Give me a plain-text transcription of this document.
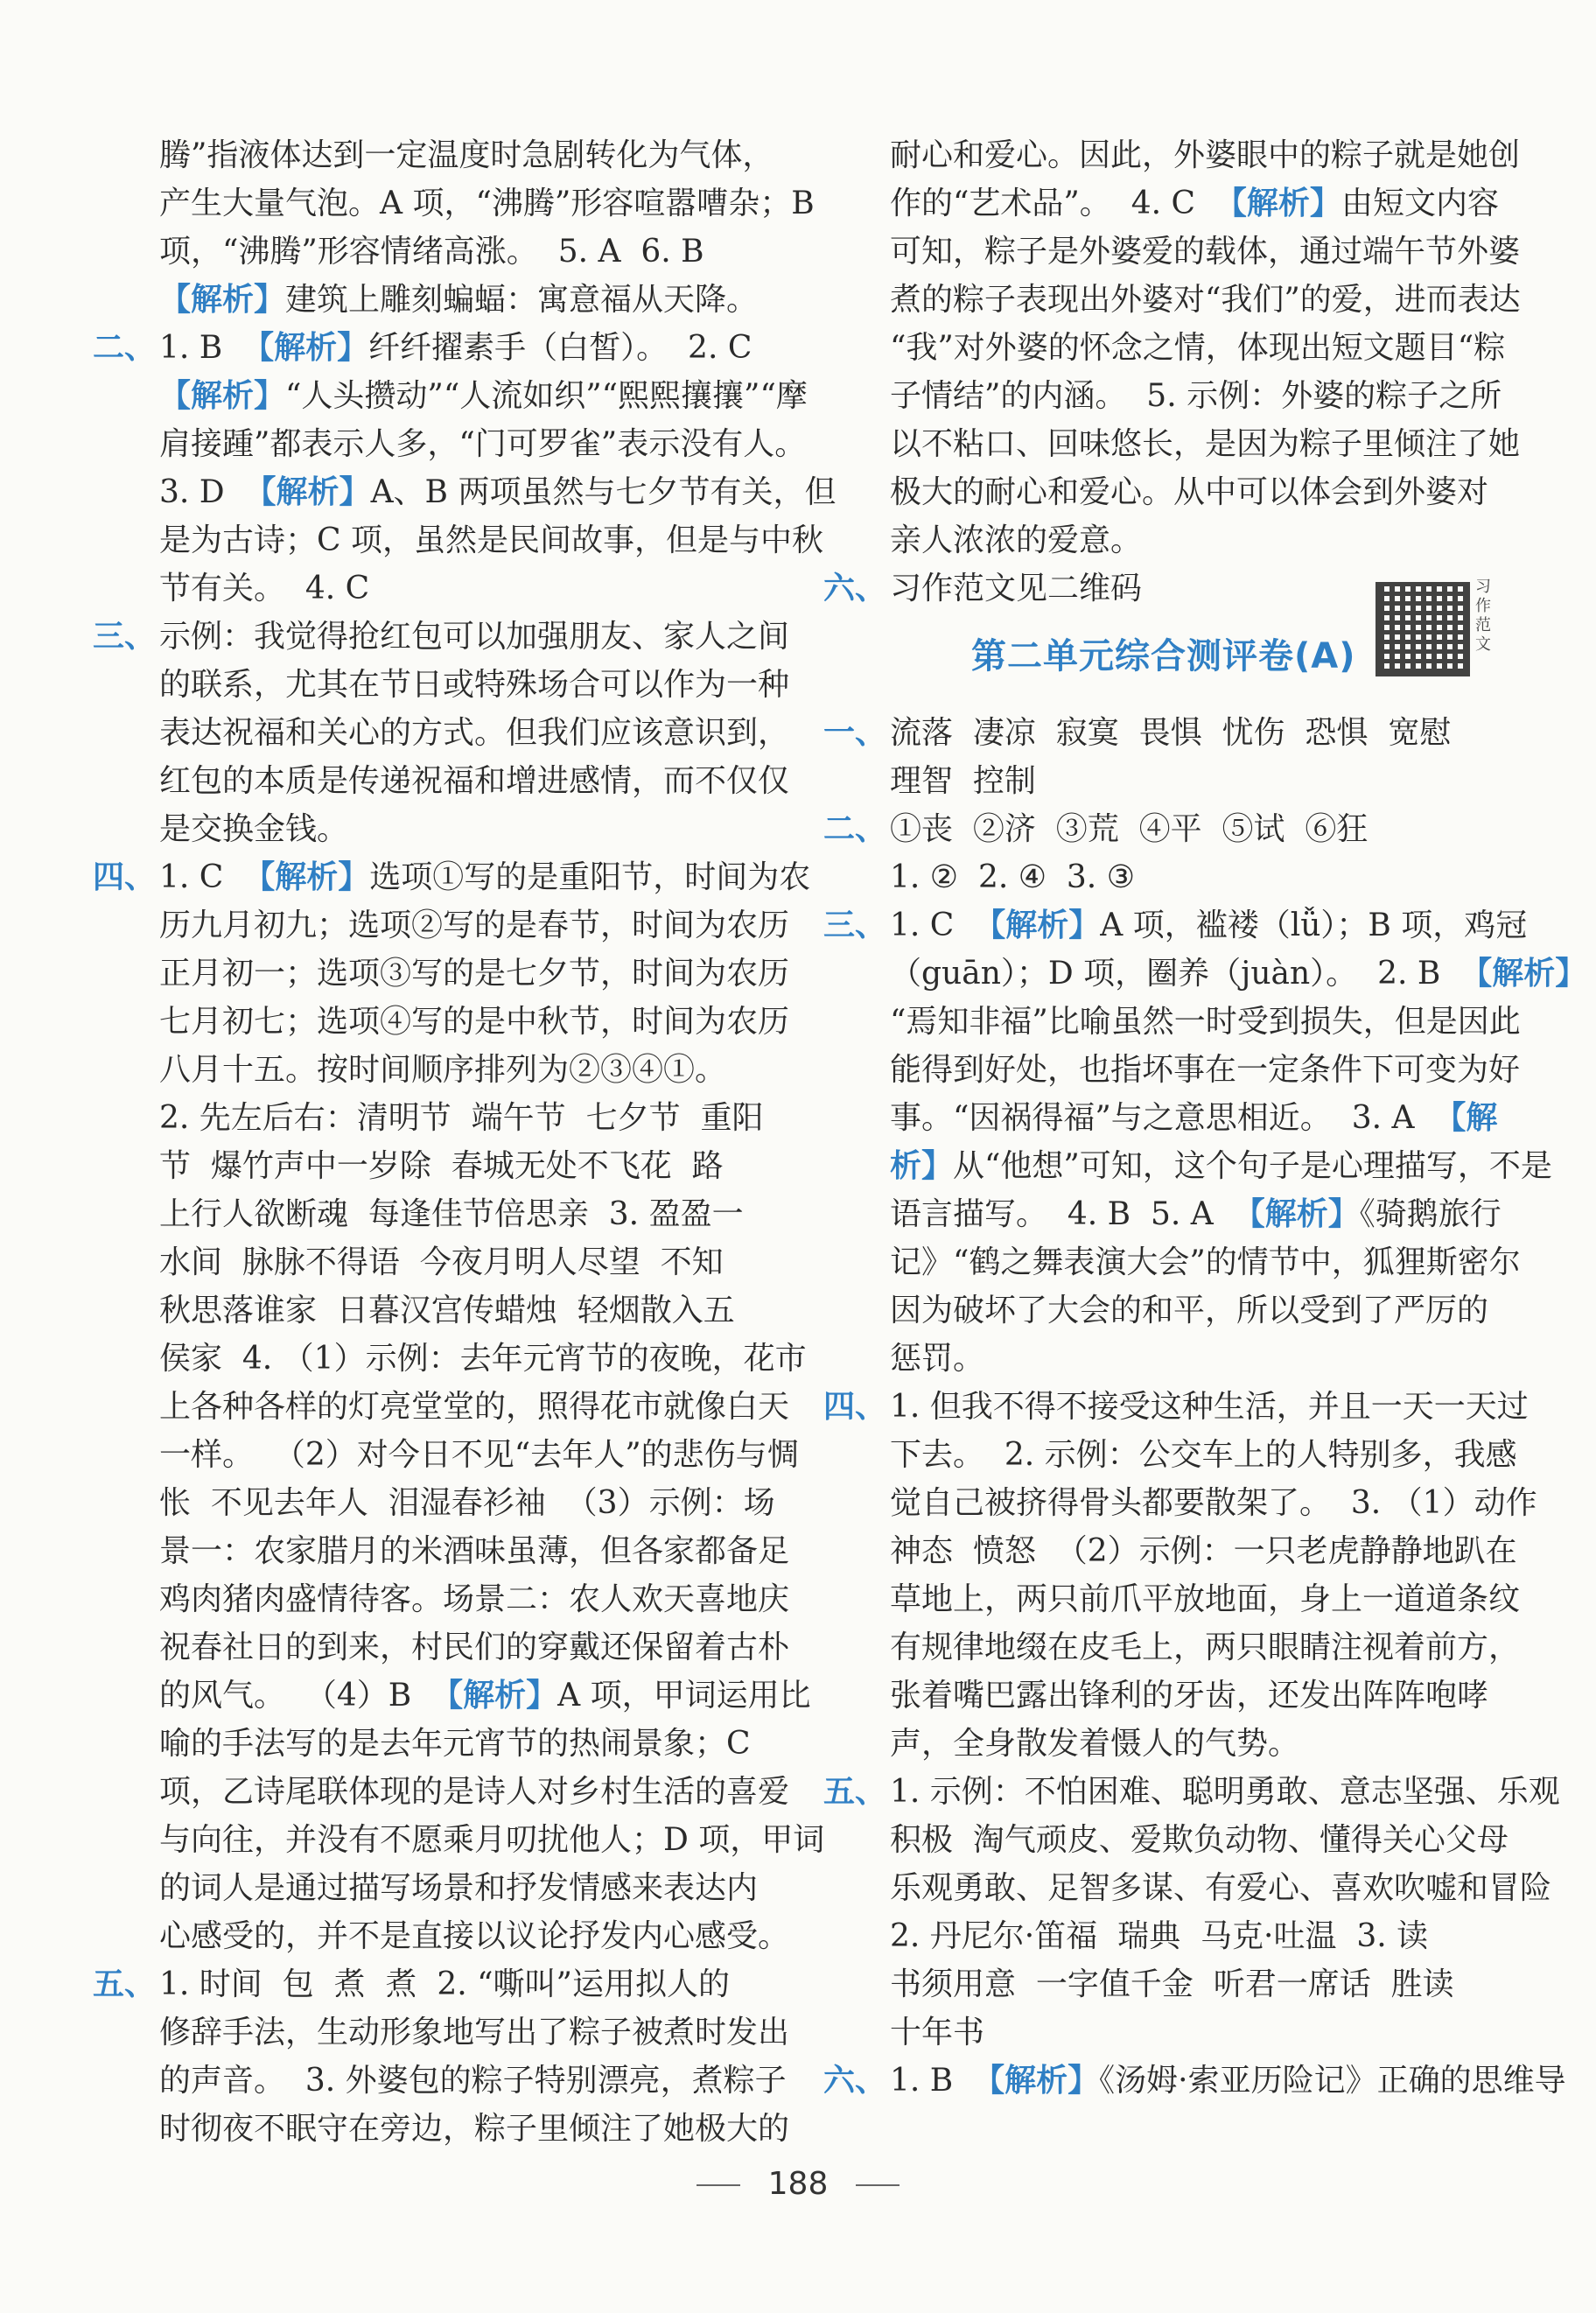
腾”指液体达到一定温度时急剧转化为气体，
产生大量气泡。A 项，“沸腾”形容喧嚣嘈杂；B
项，“沸腾”形容情绪高涨。  5. A  6. B
【解析】建筑上雕刻蝙蝠：寓意福从天降。
二、 1. B  【解析】纤纤擢素手（白皙）。  2. C
【解析】“人头攒动”“人流如织”“熙熙攘攘”“摩
肩接踵”都表示人多，“门可罗雀”表示没有人。
3. D  【解析】A、B 两项虽然与七夕节有关，但
是为古诗；C 项，虽然是民间故事，但是与中秋
节有关。  4. C
三、 示例：我觉得抢红包可以加强朋友、家人之间
的联系，尤其在节日或特殊场合可以作为一种
表达祝福和关心的方式。但我们应该意识到，
红包的本质是传递祝福和增进感情，而不仅仅
是交换金钱。
四、 1. C  【解析】选项①写的是重阳节，时间为农
历九月初九；选项②写的是春节，时间为农历
正月初一；选项③写的是七夕节，时间为农历
七月初七；选项④写的是中秋节，时间为农历
八月十五。按时间顺序排列为②③④①。
2. 先左后右：清明节  端午节  七夕节  重阳
节  爆竹声中一岁除  春城无处不飞花  路
上行人欲断魂  每逢佳节倍思亲  3. 盈盈一
水间  脉脉不得语  今夜月明人尽望  不知
秋思落谁家  日暮汉宫传蜡烛  轻烟散入五
侯家  4. （1）示例：去年元宵节的夜晚，花市
上各种各样的灯亮堂堂的，照得花市就像白天
一样。  （2）对今日不见“去年人”的悲伤与惆
怅  不见去年人  泪湿春衫袖  （3）示例：场
景一：农家腊月的米酒味虽薄，但各家都备足
鸡肉猪肉盛情待客。场景二：农人欢天喜地庆
祝春社日的到来，村民们的穿戴还保留着古朴
的风气。  （4）B  【解析】A 项，甲词运用比
喻的手法写的是去年元宵节的热闹景象；C
项，乙诗尾联体现的是诗人对乡村生活的喜爱
与向往，并没有不愿乘月叨扰他人；D 项，甲词
的词人是通过描写场景和抒发情感来表达内
心感受的，并不是直接以议论抒发内心感受。
五、 1. 时间  包  煮  煮  2. “嘶叫”运用拟人的
修辞手法，生动形象地写出了粽子被煮时发出
的声音。  3. 外婆包的粽子特别漂亮，煮粽子
时彻夜不眠守在旁边，粽子里倾注了她极大的
耐心和爱心。因此，外婆眼中的粽子就是她创
作的“艺术品”。  4. C  【解析】由短文内容
可知，粽子是外婆爱的载体，通过端午节外婆
煮的粽子表现出外婆对“我们”的爱，进而表达
“我”对外婆的怀念之情，体现出短文题目“粽
子情结”的内涵。  5. 示例：外婆的粽子之所
以不粘口、回味悠长，是因为粽子里倾注了她
极大的耐心和爱心。从中可以体会到外婆对
亲人浓浓的爱意。
六、 习作范文见二维码
第二单元综合测评卷(A)
习作范文
一、 流落  凄凉  寂寞  畏惧  忧伤  恐惧  宽慰
理智  控制
二、 ①丧  ②济  ③荒  ④平  ⑤试  ⑥狂
1. ②  2. ④  3. ③
三、 1. C  【解析】A 项，褴褛（lǚ）；B 项，鸡冠
（guān）；D 项，圈养（juàn）。  2. B  【解析】
“焉知非福”比喻虽然一时受到损失，但是因此
能得到好处，也指坏事在一定条件下可变为好
事。“因祸得福”与之意思相近。  3. A  【解
析】从“他想”可知，这个句子是心理描写，不是
语言描写。  4. B  5. A  【解析】《骑鹅旅行
记》“鹤之舞表演大会”的情节中，狐狸斯密尔
因为破坏了大会的和平，所以受到了严厉的
惩罚。
四、 1. 但我不得不接受这种生活，并且一天一天过
下去。  2. 示例：公交车上的人特别多，我感
觉自己被挤得骨头都要散架了。  3. （1）动作
神态  愤怒  （2）示例：一只老虎静静地趴在
草地上，两只前爪平放地面，身上一道道条纹
有规律地缀在皮毛上，两只眼睛注视着前方，
张着嘴巴露出锋利的牙齿，还发出阵阵咆哮
声，全身散发着慑人的气势。
五、 1. 示例：不怕困难、聪明勇敢、意志坚强、乐观
积极  淘气顽皮、爱欺负动物、懂得关心父母
乐观勇敢、足智多谋、有爱心、喜欢吹嘘和冒险
2. 丹尼尔·笛福  瑞典  马克·吐温  3. 读
书须用意  一字值千金  听君一席话  胜读
十年书
六、 1. B  【解析】《汤姆·索亚历险记》正确的思维导
188
